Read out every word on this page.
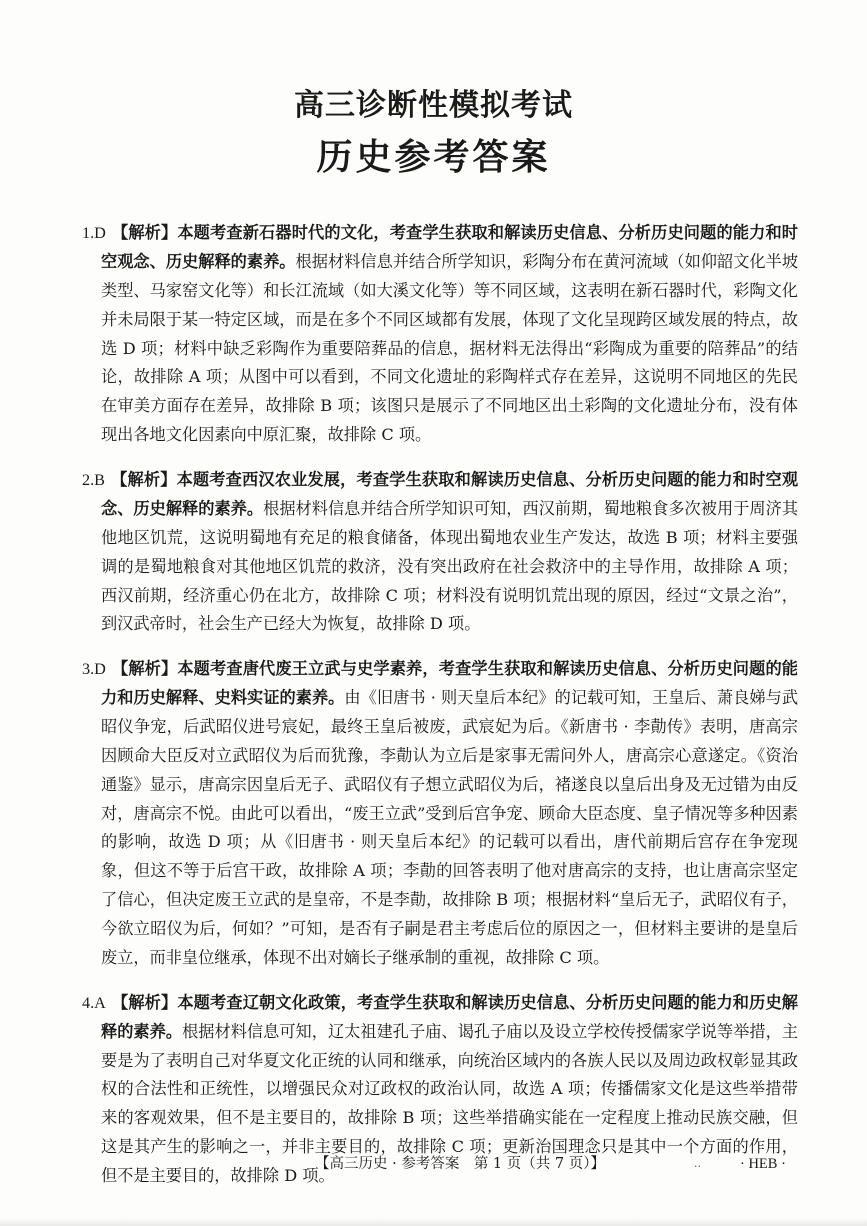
高三诊断性模拟考试
历史参考答案

1.D 【解析】本题考查新石器时代的文化，考查学生获取和解读历史信息、分析历史问题的能力和时空观念、历史解释的素养。根据材料信息并结合所学知识，彩陶分布在黄河流域（如仰韶文化半坡类型、马家窑文化等）和长江流域（如大溪文化等）等不同区域，这表明在新石器时代，彩陶文化并未局限于某一特定区域，而是在多个不同区域都有发展，体现了文化呈现跨区域发展的特点，故选 D 项；材料中缺乏彩陶作为重要陪葬品的信息，据材料无法得出“彩陶成为重要的陪葬品”的结论，故排除 A 项；从图中可以看到，不同文化遗址的彩陶样式存在差异，这说明不同地区的先民在审美方面存在差异，故排除 B 项；该图只是展示了不同地区出土彩陶的文化遗址分布，没有体现出各地文化因素向中原汇聚，故排除 C 项。

2.B 【解析】本题考查西汉农业发展，考查学生获取和解读历史信息、分析历史问题的能力和时空观念、历史解释的素养。根据材料信息并结合所学知识可知，西汉前期，蜀地粮食多次被用于周济其他地区饥荒，这说明蜀地有充足的粮食储备，体现出蜀地农业生产发达，故选 B 项；材料主要强调的是蜀地粮食对其他地区饥荒的救济，没有突出政府在社会救济中的主导作用，故排除 A 项；西汉前期，经济重心仍在北方，故排除 C 项；材料没有说明饥荒出现的原因，经过“文景之治”，到汉武帝时，社会生产已经大为恢复，故排除 D 项。

3.D 【解析】本题考查唐代废王立武与史学素养，考查学生获取和解读历史信息、分析历史问题的能力和历史解释、史料实证的素养。由《旧唐书 · 则天皇后本纪》的记载可知，王皇后、萧良娣与武昭仪争宠，后武昭仪进号宸妃，最终王皇后被废，武宸妃为后。《新唐书 · 李勣传》表明，唐高宗因顾命大臣反对立武昭仪为后而犹豫，李勣认为立后是家事无需问外人，唐高宗心意遂定。《资治通鉴》显示，唐高宗因皇后无子、武昭仪有子想立武昭仪为后，褚遂良以皇后出身及无过错为由反对，唐高宗不悦。由此可以看出，“废王立武”受到后宫争宠、顾命大臣态度、皇子情况等多种因素的影响，故选 D 项；从《旧唐书 · 则天皇后本纪》的记载可以看出，唐代前期后宫存在争宠现象，但这不等于后宫干政，故排除 A 项；李勣的回答表明了他对唐高宗的支持，也让唐高宗坚定了信心，但决定废王立武的是皇帝，不是李勣，故排除 B 项；根据材料“皇后无子，武昭仪有子，今欲立昭仪为后，何如？”可知，是否有子嗣是君主考虑后位的原因之一，但材料主要讲的是皇后废立，而非皇位继承，体现不出对嫡长子继承制的重视，故排除 C 项。

4.A 【解析】本题考查辽朝文化政策，考查学生获取和解读历史信息、分析历史问题的能力和历史解释的素养。根据材料信息可知，辽太祖建孔子庙、谒孔子庙以及设立学校传授儒家学说等举措，主要是为了表明自己对华夏文化正统的认同和继承，向统治区域内的各族人民以及周边政权彰显其政权的合法性和正统性，以增强民众对辽政权的政治认同，故选 A 项；传播儒家文化是这些举措带来的客观效果，但不是主要目的，故排除 B 项；这些举措确实能在一定程度上推动民族交融，但这是其产生的影响之一，并非主要目的，故排除 C 项；更新治国理念只是其中一个方面的作用，但不是主要目的，故排除 D 项。

【高三历史 · 参考答案　第 1 页（共 7 页）】	..	· HEB ·
